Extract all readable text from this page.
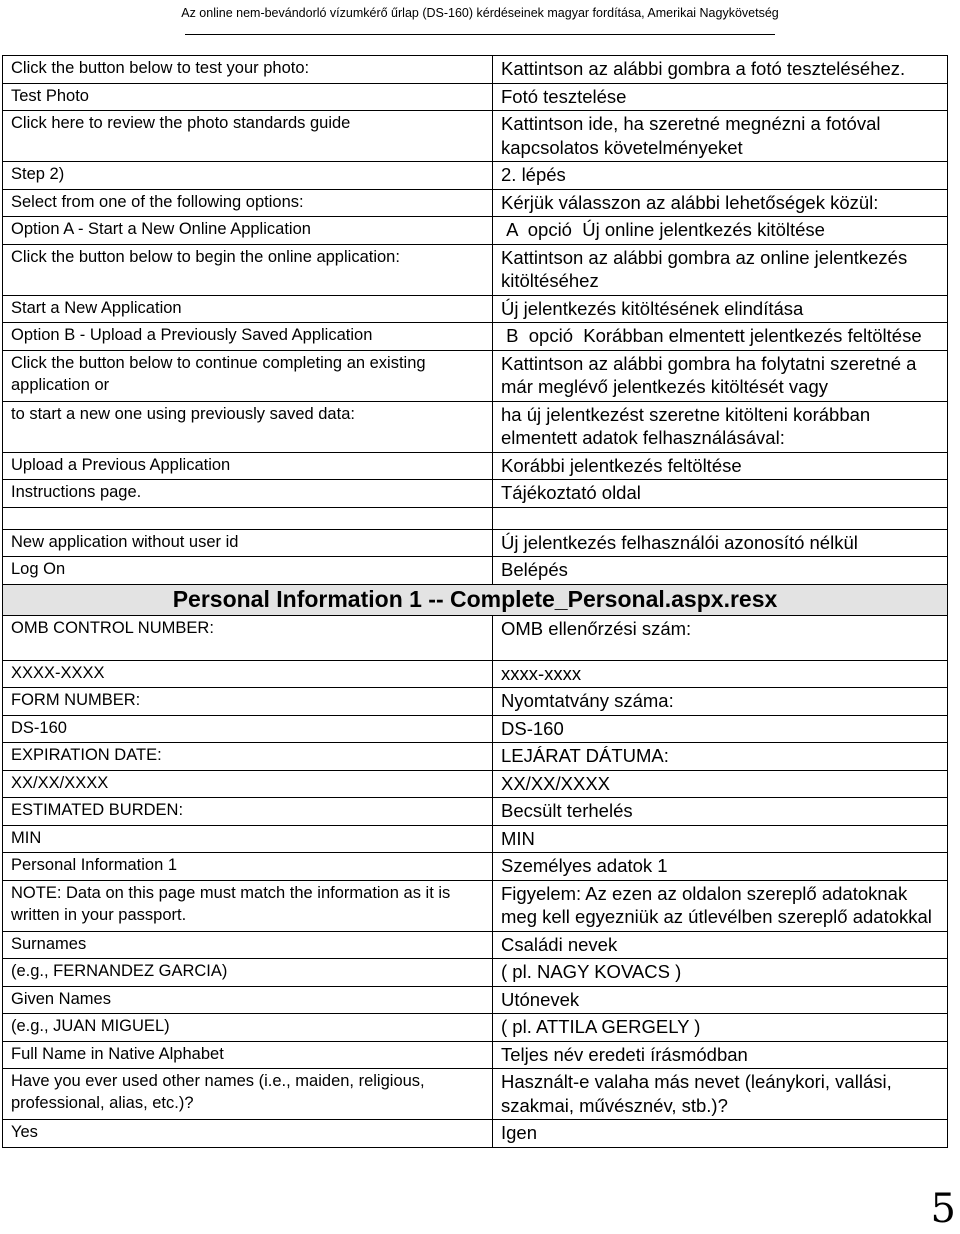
Az online nem-bevándorló vízumkérő űrlap (DS-160) kérdéseinek magyar fordítása, Amerikai Nagykövetség
Click the button below to test your photo:	Kattintson az alábbi gombra a fotó teszteléséhez.

Test Photo	Fotó tesztelése

Click here to review the photo standards guide	Kattintson ide, ha szeretné megnézni a fotóval kapcsolatos követelményeket

Step 2)	2. lépés

Select from one of the following options:	Kérjük válasszon az alábbi lehetőségek közül:

Option A - Start a New Online Application	A  opció  Új online jelentkezés kitöltése

Click the button below to begin the online application:	Kattintson az alábbi gombra az online jelentkezés kitöltéséhez

Start a New Application	Új jelentkezés kitöltésének elindítása

Option B - Upload a Previously Saved Application	B  opció  Korábban elmentett jelentkezés feltöltése

Click the button below to continue completing an existing application or	Kattintson az alábbi gombra ha folytatni szeretné a már meglévő jelentkezés kitöltését vagy

to start a new one using previously saved data:	ha új jelentkezést szeretne kitölteni korábban elmentett adatok felhasználásával:

Upload a Previous Application	Korábbi jelentkezés feltöltése

Instructions page.	Tájékoztató oldal

New application without user id	Új jelentkezés felhasználói azonosító nélkül

Log On	Belépés

Personal Information 1 -- Complete_Personal.aspx.resx	

OMB CONTROL NUMBER:	OMB ellenőrzési szám:

XXXX-XXXX	xxxx-xxxx

FORM NUMBER:	Nyomtatvány száma:

DS-160	DS-160

EXPIRATION DATE:	LEJÁRAT DÁTUMA:

XX/XX/XXXX	XX/XX/XXXX

ESTIMATED BURDEN:	Becsült terhelés

MIN	MIN

Personal Information 1	Személyes adatok 1

NOTE: Data on this page must match the information as it is written in your passport.	Figyelem: Az ezen az oldalon szereplő adatoknak meg kell egyezniük az útlevélben szereplő adatokkal

Surnames	Családi nevek

(e.g., FERNANDEZ GARCIA)	( pl. NAGY KOVACS )

Given Names	Utónevek

(e.g., JUAN MIGUEL)	( pl. ATTILA GERGELY )

Full Name in Native Alphabet	Teljes név eredeti írásmódban

Have you ever used other names (i.e., maiden, religious, professional, alias, etc.)?	Használt-e valaha más nevet (leánykori, vallási, szakmai, művésznév, stb.)?

Yes	Igen
5
